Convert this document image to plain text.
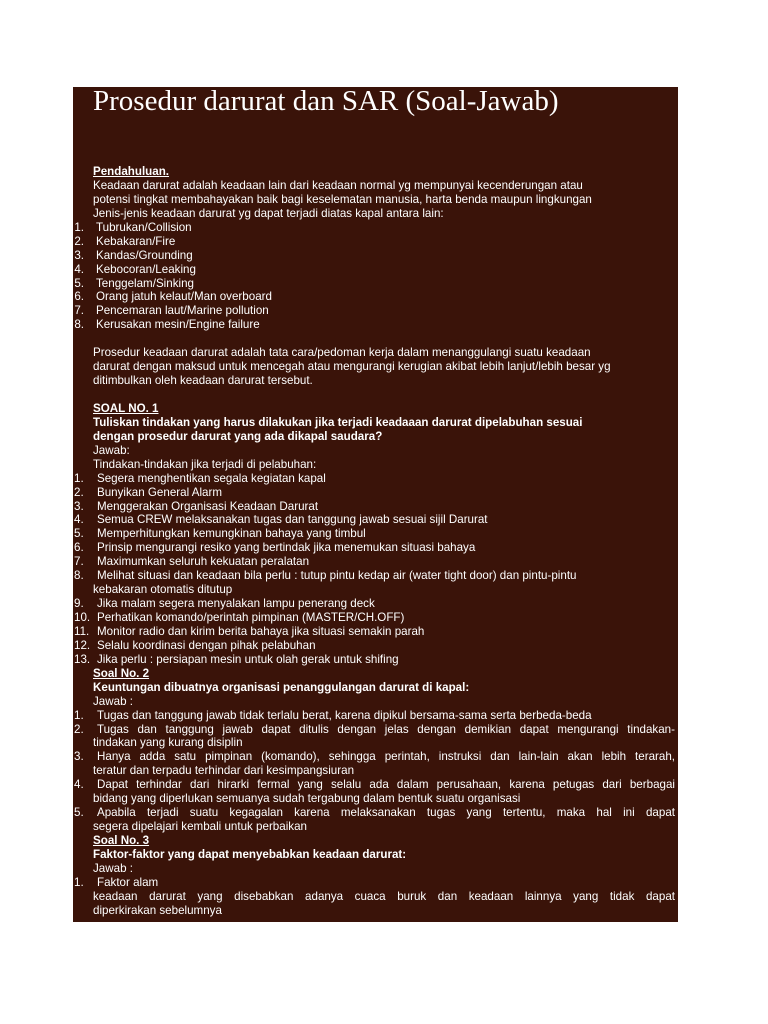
Prosedur darurat dan SAR (Soal-Jawab)
Pendahuluan.
Keadaan darurat adalah keadaan lain dari keadaan normal yg mempunyai kecenderungan atau
potensi tingkat membahayakan baik bagi keselematan manusia, harta benda maupun lingkungan
Jenis-jenis keadaan darurat yg dapat terjadi diatas kapal antara lain:
1. Tubrukan/Collision
2. Kebakaran/Fire
3. Kandas/Grounding
4. Kebocoran/Leaking
5. Tenggelam/Sinking
6. Orang jatuh kelaut/Man overboard
7. Pencemaran laut/Marine pollution
8. Kerusakan mesin/Engine failure
Prosedur keadaan darurat adalah tata cara/pedoman kerja dalam menanggulangi suatu keadaan
darurat dengan maksud untuk mencegah atau mengurangi kerugian akibat lebih lanjut/lebih besar yg
ditimbulkan oleh keadaan darurat tersebut.
SOAL NO. 1
Tuliskan tindakan yang harus dilakukan jika terjadi keadaaan darurat dipelabuhan sesuai
dengan prosedur darurat yang ada dikapal saudara?
Jawab:
Tindakan-tindakan jika terjadi di pelabuhan:
1. Segera menghentikan segala kegiatan kapal
2. Bunyikan General Alarm
3. Menggerakan Organisasi Keadaan Darurat
4. Semua CREW melaksanakan tugas dan tanggung jawab sesuai sijil Darurat
5. Memperhitungkan kemungkinan bahaya yang timbul
6. Prinsip mengurangi resiko yang bertindak jika menemukan situasi bahaya
7. Maximumkan seluruh kekuatan peralatan
8. Melihat situasi dan keadaan bila perlu : tutup pintu kedap air (water tight door) dan pintu-pintu
kebakaran otomatis ditutup
9. Jika malam segera menyalakan lampu penerang deck
10. Perhatikan komando/perintah pimpinan (MASTER/CH.OFF)
11. Monitor radio dan kirim berita bahaya jika situasi semakin parah
12. Selalu koordinasi dengan pihak pelabuhan
13. Jika perlu : persiapan mesin untuk olah gerak untuk shifing
Soal No. 2
Keuntungan dibuatnya organisasi penanggulangan darurat di kapal:
Jawab :
1. Tugas dan tanggung jawab tidak terlalu berat, karena dipikul bersama-sama serta berbeda-beda
2. Tugas dan tanggung jawab dapat ditulis dengan jelas dengan demikian dapat mengurangi tindakan-
tindakan yang kurang disiplin
3. Hanya adda satu pimpinan (komando), sehingga perintah, instruksi dan lain-lain akan lebih terarah,
teratur dan terpadu terhindar dari kesimpangsiuran
4. Dapat terhindar dari hirarki fermal yang selalu ada dalam perusahaan, karena petugas dari berbagai
bidang yang diperlukan semuanya sudah tergabung dalam bentuk suatu organisasi
5. Apabila terjadi suatu kegagalan karena melaksanakan tugas yang tertentu, maka hal ini dapat
segera dipelajari kembali untuk perbaikan
Soal No. 3
Faktor-faktor yang dapat menyebabkan keadaan darurat:
Jawab :
1. Faktor alam
keadaan darurat yang disebabkan adanya cuaca buruk dan keadaan lainnya yang tidak dapat
diperkirakan sebelumnya
